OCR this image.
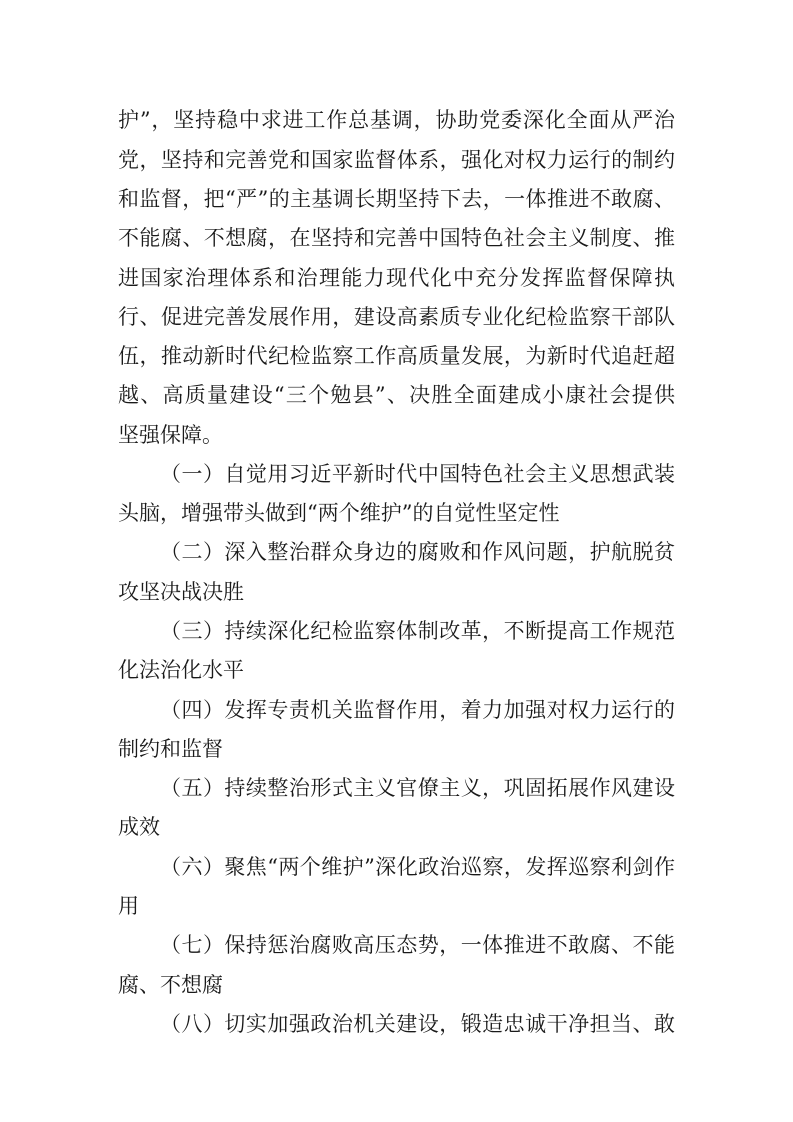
护”，坚持稳中求进工作总基调，协助党委深化全面从严治
党，坚持和完善党和国家监督体系，强化对权力运行的制约
和监督，把“严”的主基调长期坚持下去，一体推进不敢腐、
不能腐、不想腐，在坚持和完善中国特色社会主义制度、推
进国家治理体系和治理能力现代化中充分发挥监督保障执
行、促进完善发展作用，建设高素质专业化纪检监察干部队
伍，推动新时代纪检监察工作高质量发展，为新时代追赶超
越、高质量建设“三个勉县”、决胜全面建成小康社会提供
坚强保障。
（一）自觉用习近平新时代中国特色社会主义思想武装
头脑，增强带头做到“两个维护”的自觉性坚定性
（二）深入整治群众身边的腐败和作风问题，护航脱贫
攻坚决战决胜
（三）持续深化纪检监察体制改革，不断提高工作规范
化法治化水平
（四）发挥专责机关监督作用，着力加强对权力运行的
制约和监督
（五）持续整治形式主义官僚主义，巩固拓展作风建设
成效
（六）聚焦“两个维护”深化政治巡察，发挥巡察利剑作
用
（七）保持惩治腐败高压态势，一体推进不敢腐、不能
腐、不想腐
（八）切实加强政治机关建设，锻造忠诚干净担当、敢
